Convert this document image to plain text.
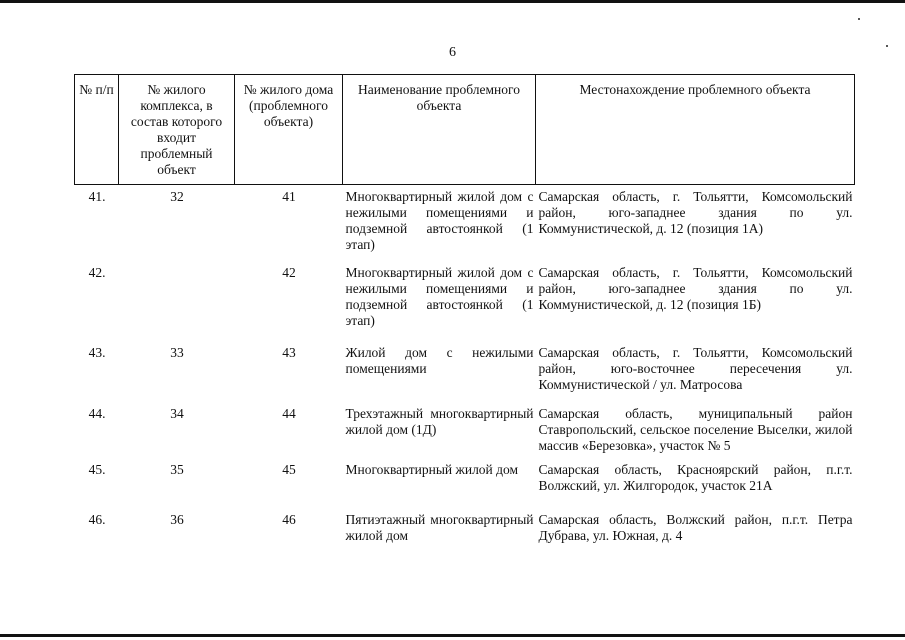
6
№ п/п	№ жилого комплекса, в состав которого входит проблемный объект	№ жилого дома (проблемного объекта)	Наименование проблемного объекта	Местонахождение проблемного объекта
41.	32	41	Многоквартирный жилой дом с нежилыми помещениями и подземной автостоянкой (1 этап)	Самарская область, г. Тольятти, Комсомольский район, юго-западнее здания по ул. Коммунистической, д. 12 (позиция 1А)
42.		42	Многоквартирный жилой дом с нежилыми помещениями и подземной автостоянкой (1 этап)	Самарская область, г. Тольятти, Комсомольский район, юго-западнее здания по ул. Коммунистической, д. 12 (позиция 1Б)
43.	33	43	Жилой дом с нежилыми помещениями	Самарская область, г. Тольятти, Комсомольский район, юго-восточнее пересечения ул. Коммунистической / ул. Матросова
44.	34	44	Трехэтажный многоквартирный жилой дом (1Д)	Самарская область, муниципальный район Ставропольский, сельское поселение Выселки, жилой массив «Березовка», участок № 5
45.	35	45	Многоквартирный жилой дом	Самарская область, Красноярский район, п.г.т. Волжский, ул. Жилгородок, участок 21А
46.	36	46	Пятиэтажный многоквартирный жилой дом	Самарская область, Волжский район, п.г.т. Петра Дубрава, ул. Южная, д. 4
